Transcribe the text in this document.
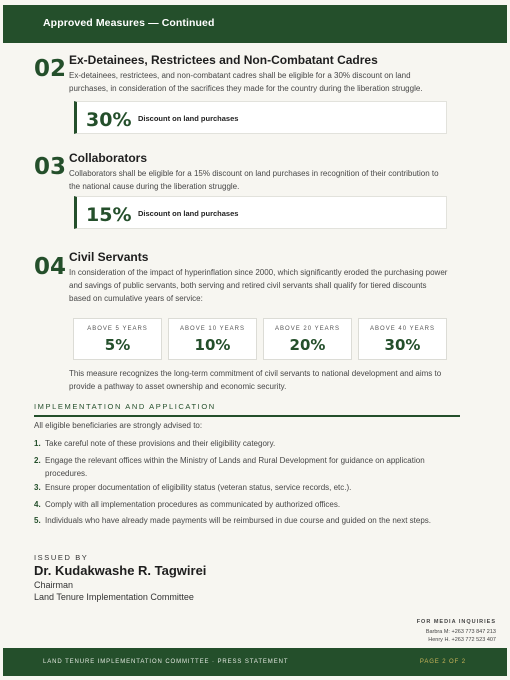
Approved Measures — Continued
02 Ex-Detainees, Restrictees and Non-Combatant Cadres
Ex-detainees, restrictees, and non-combatant cadres shall be eligible for a 30% discount on land purchases, in consideration of the sacrifices they made for the country during the liberation struggle.
30% Discount on land purchases
03 Collaborators
Collaborators shall be eligible for a 15% discount on land purchases in recognition of their contribution to the national cause during the liberation struggle.
15% Discount on land purchases
04 Civil Servants
In consideration of the impact of hyperinflation since 2000, which significantly eroded the purchasing power and savings of public servants, both serving and retired civil servants shall qualify for tiered discounts based on cumulative years of service:
ABOVE 5 YEARS
5%
ABOVE 10 YEARS
10%
ABOVE 20 YEARS
20%
ABOVE 40 YEARS
30%
This measure recognizes the long-term commitment of civil servants to national development and aims to provide a pathway to asset ownership and economic security.
IMPLEMENTATION AND APPLICATION
All eligible beneficiaries are strongly advised to:
1. Take careful note of these provisions and their eligibility category.
2. Engage the relevant offices within the Ministry of Lands and Rural Development for guidance on application procedures.
3. Ensure proper documentation of eligibility status (veteran status, service records, etc.).
4. Comply with all implementation procedures as communicated by authorized offices.
5. Individuals who have already made payments will be reimbursed in due course and guided on the next steps.
ISSUED BY
Dr. Kudakwashe R. Tagwirei
Chairman
Land Tenure Implementation Committee
FOR MEDIA INQUIRIES
Barbra M: +263 773 847 213
Henry H. +263 772 523 407
LAND TENURE IMPLEMENTATION COMMITTEE · PRESS STATEMENT	PAGE 2 OF 2
